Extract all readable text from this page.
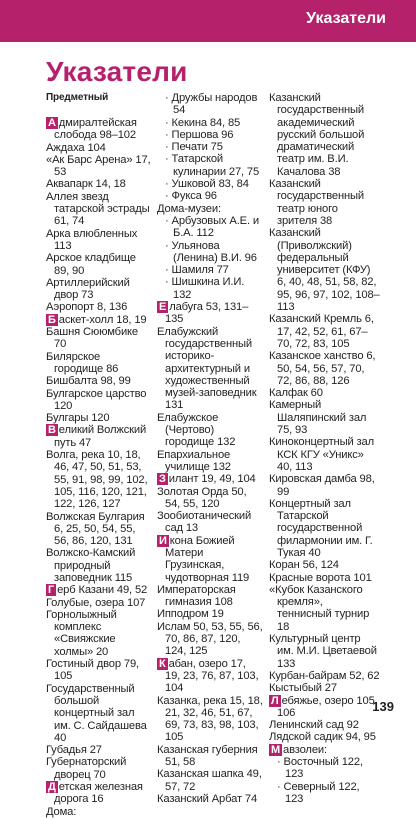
Указатели
Указатели
Предметный

А дмиралтейская слобода 98–102

Аждаха 104

«Ак Барс Арена» 17, 53

Аквапарк 14, 18

Аллея звезд татарской эстрады 61, 74

Арка влюбленных 113

Арское кладбище 89, 90

Артиллерийский двор 73

Аэропорт 8, 136

Б аскет-холл 18, 19

Башня Сююмбике 70

Билярское городище 86

Бишбалта 98, 99

Булгарское царство 120

Булгары 120

В еликий Волжский путь 47

Волга, река 10, 18, 46, 47, 50, 51, 53, 55, 91, 98, 99, 102, 105, 116, 120, 121, 122, 126, 127

Волжская Булгария 6, 25, 50, 54, 55, 56, 86, 120, 131

Волжско-Камский природный заповедник 115

Г ерб Казани 49, 52

Голубые, озера 107

Горнолыжный комплекс «Свияжские холмы» 20

Гостиный двор 79, 105

Государственный большой концертный зал им. С. Сайдашева 40

Губадья 27

Губернаторский дворец 70

Д етская железная дорога 16

Дома:

· Дружбы народов 54

· Кекина 84, 85

· Першова 96

· Печати 75

· Татарской кулинарии 27, 75

· Ушковой 83, 84

· Фукса 96

Дома-музеи:

· Арбузовых А.Е. и Б.А. 112

· Ульянова (Ленина) В.И. 96

· Шамиля 77

· Шишкина И.И. 132

Е лабуга 53, 131–135

Елабужский государственный историко-архитектурный и художественный музей-заповедник 131

Елабужское (Чертово) городище 132

Епархиальное училище 132

З илант 19, 49, 104

Золотая Орда 50, 54, 55, 120

Зообиотанический сад 13

И кона Божией Матери Грузинская, чудотворная 119

Императорская гимназия 108

Ипподром 19

Ислам 50, 53, 55, 56, 70, 86, 87, 120, 124, 125

К абан, озеро 17, 19, 23, 76, 87, 103, 104

Казанка, река 15, 18, 21, 32, 46, 51, 67, 69, 73, 83, 98, 103, 105

Казанская губерния 51, 58

Казанская шапка 49, 57, 72

Казанский Арбат 74

Казанский государственный академический русский большой драматический театр им. В.И. Качалова 38

Казанский государственный театр юного зрителя 38

Казанский (Приволжский) федеральный университет (КФУ) 6, 40, 48, 51, 58, 82, 95, 96, 97, 102, 108–113

Казанский Кремль 6, 17, 42, 52, 61, 67–70, 72, 83, 105

Казанское ханство 6, 50, 54, 56, 57, 70, 72, 86, 88, 126

Калфак 60

Камерный Шаляпинский зал 75, 93

Киноконцертный зал КСК КГУ «Уникс» 40, 113

Кировская дамба 98, 99

Концертный зал Татарской государственной филармонии им. Г. Тукая 40

Коран 56, 124

Красные ворота 101

«Кубок Казанского кремля», теннисный турнир 18

Культурный центр им. М.И. Цветаевой 133

Курбан-байрам 52, 62

Кыстыбый 27

Л ебяжье, озеро 105, 106

Ленинский сад 92

Лядской садик 94, 95

М авзолеи:

· Восточный 122, 123

· Северный 122, 123

139
